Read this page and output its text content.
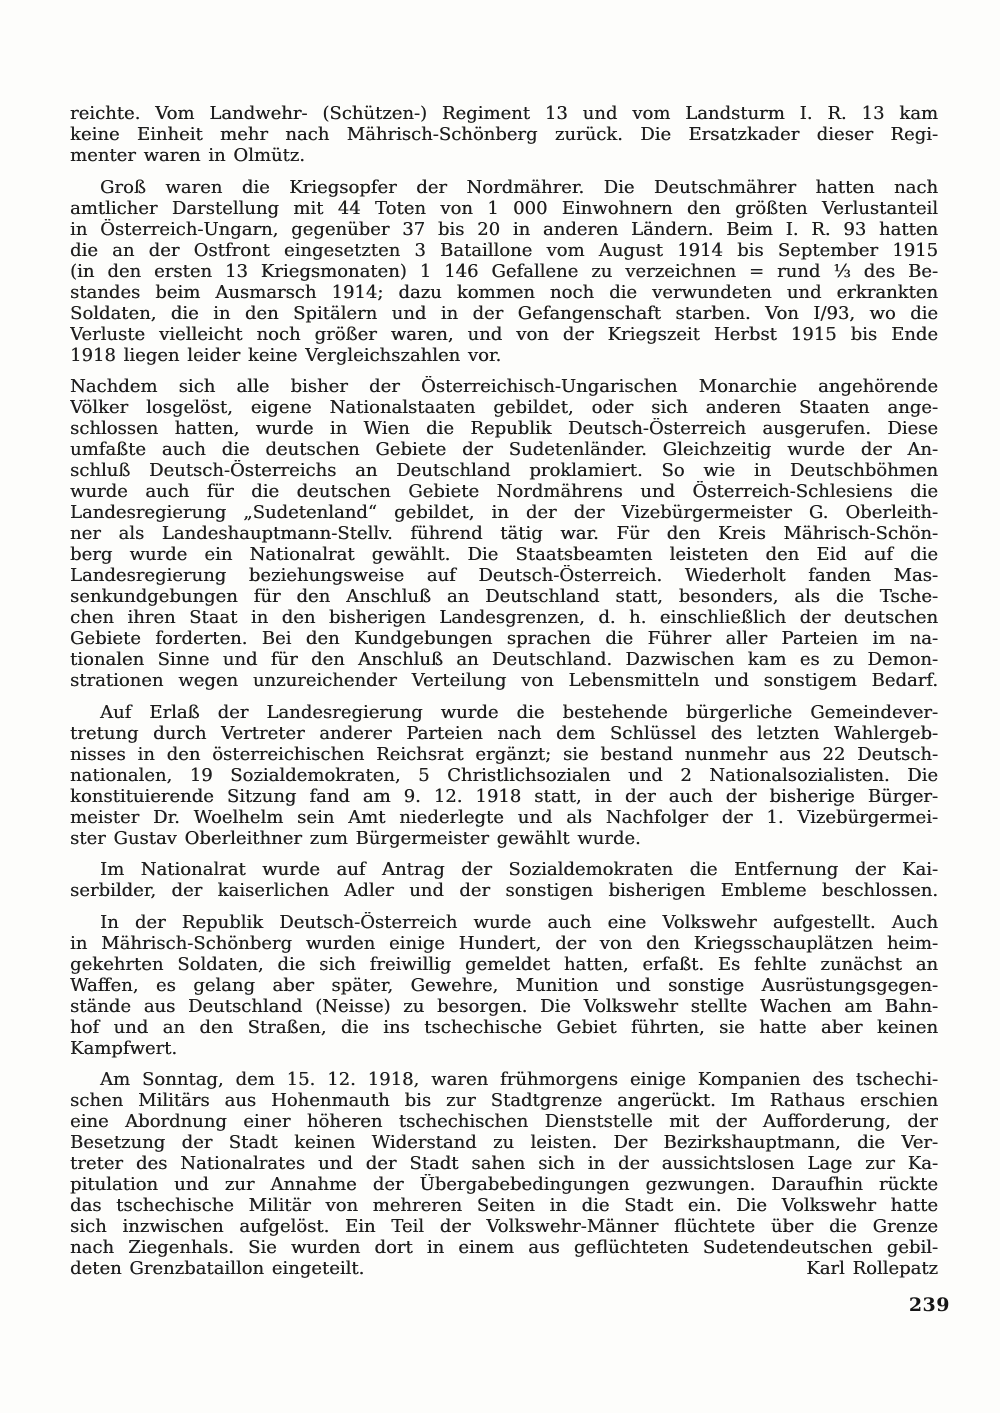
reichte. Vom Landwehr- (Schützen-) Regiment 13 und vom Landsturm I. R. 13 kam
keine Einheit mehr nach Mährisch-Schönberg zurück. Die Ersatzkader dieser Regi-
menter waren in Olmütz.
Groß waren die Kriegsopfer der Nordmährer. Die Deutschmährer hatten nach
amtlicher Darstellung mit 44 Toten von 1 000 Einwohnern den größten Verlustanteil
in Österreich-Ungarn, gegenüber 37 bis 20 in anderen Ländern. Beim I. R. 93 hatten
die an der Ostfront eingesetzten 3 Bataillone vom August 1914 bis September 1915
(in den ersten 13 Kriegsmonaten) 1 146 Gefallene zu verzeichnen = rund ⅓ des Be-
standes beim Ausmarsch 1914; dazu kommen noch die verwundeten und erkrankten
Soldaten, die in den Spitälern und in der Gefangenschaft starben. Von I/93, wo die
Verluste vielleicht noch größer waren, und von der Kriegszeit Herbst 1915 bis Ende
1918 liegen leider keine Vergleichszahlen vor.
Nachdem sich alle bisher der Österreichisch-Ungarischen Monarchie angehörende
Völker losgelöst, eigene Nationalstaaten gebildet, oder sich anderen Staaten ange-
schlossen hatten, wurde in Wien die Republik Deutsch-Österreich ausgerufen. Diese
umfaßte auch die deutschen Gebiete der Sudetenländer. Gleichzeitig wurde der An-
schluß Deutsch-Österreichs an Deutschland proklamiert. So wie in Deutschböhmen
wurde auch für die deutschen Gebiete Nordmährens und Österreich-Schlesiens die
Landesregierung „Sudetenland“ gebildet, in der der Vizebürgermeister G. Oberleith-
ner als Landeshauptmann-Stellv. führend tätig war. Für den Kreis Mährisch-Schön-
berg wurde ein Nationalrat gewählt. Die Staatsbeamten leisteten den Eid auf die
Landesregierung beziehungsweise auf Deutsch-Österreich. Wiederholt fanden Mas-
senkundgebungen für den Anschluß an Deutschland statt, besonders, als die Tsche-
chen ihren Staat in den bisherigen Landesgrenzen, d. h. einschließlich der deutschen
Gebiete forderten. Bei den Kundgebungen sprachen die Führer aller Parteien im na-
tionalen Sinne und für den Anschluß an Deutschland. Dazwischen kam es zu Demon-
strationen wegen unzureichender Verteilung von Lebensmitteln und sonstigem Bedarf.
Auf Erlaß der Landesregierung wurde die bestehende bürgerliche Gemeindever-
tretung durch Vertreter anderer Parteien nach dem Schlüssel des letzten Wahlergeb-
nisses in den österreichischen Reichsrat ergänzt; sie bestand nunmehr aus 22 Deutsch-
nationalen, 19 Sozialdemokraten, 5 Christlichsozialen und 2 Nationalsozialisten. Die
konstituierende Sitzung fand am 9. 12. 1918 statt, in der auch der bisherige Bürger-
meister Dr. Woelhelm sein Amt niederlegte und als Nachfolger der 1. Vizebürgermei-
ster Gustav Oberleithner zum Bürgermeister gewählt wurde.
Im Nationalrat wurde auf Antrag der Sozialdemokraten die Entfernung der Kai-
serbilder, der kaiserlichen Adler und der sonstigen bisherigen Embleme beschlossen.
In der Republik Deutsch-Österreich wurde auch eine Volkswehr aufgestellt. Auch
in Mährisch-Schönberg wurden einige Hundert, der von den Kriegsschauplätzen heim-
gekehrten Soldaten, die sich freiwillig gemeldet hatten, erfaßt. Es fehlte zunächst an
Waffen, es gelang aber später, Gewehre, Munition und sonstige Ausrüstungsgegen-
stände aus Deutschland (Neisse) zu besorgen. Die Volkswehr stellte Wachen am Bahn-
hof und an den Straßen, die ins tschechische Gebiet führten, sie hatte aber keinen
Kampfwert.
Am Sonntag, dem 15. 12. 1918, waren frühmorgens einige Kompanien des tschechi-
schen Militärs aus Hohenmauth bis zur Stadtgrenze angerückt. Im Rathaus erschien
eine Abordnung einer höheren tschechischen Dienststelle mit der Aufforderung, der
Besetzung der Stadt keinen Widerstand zu leisten. Der Bezirkshauptmann, die Ver-
treter des Nationalrates und der Stadt sahen sich in der aussichtslosen Lage zur Ka-
pitulation und zur Annahme der Übergabebedingungen gezwungen. Daraufhin rückte
das tschechische Militär von mehreren Seiten in die Stadt ein. Die Volkswehr hatte
sich inzwischen aufgelöst. Ein Teil der Volkswehr-Männer flüchtete über die Grenze
nach Ziegenhals. Sie wurden dort in einem aus geflüchteten Sudetendeutschen gebil-
deten Grenzbataillon eingeteilt.	Karl Rollepatz
239
